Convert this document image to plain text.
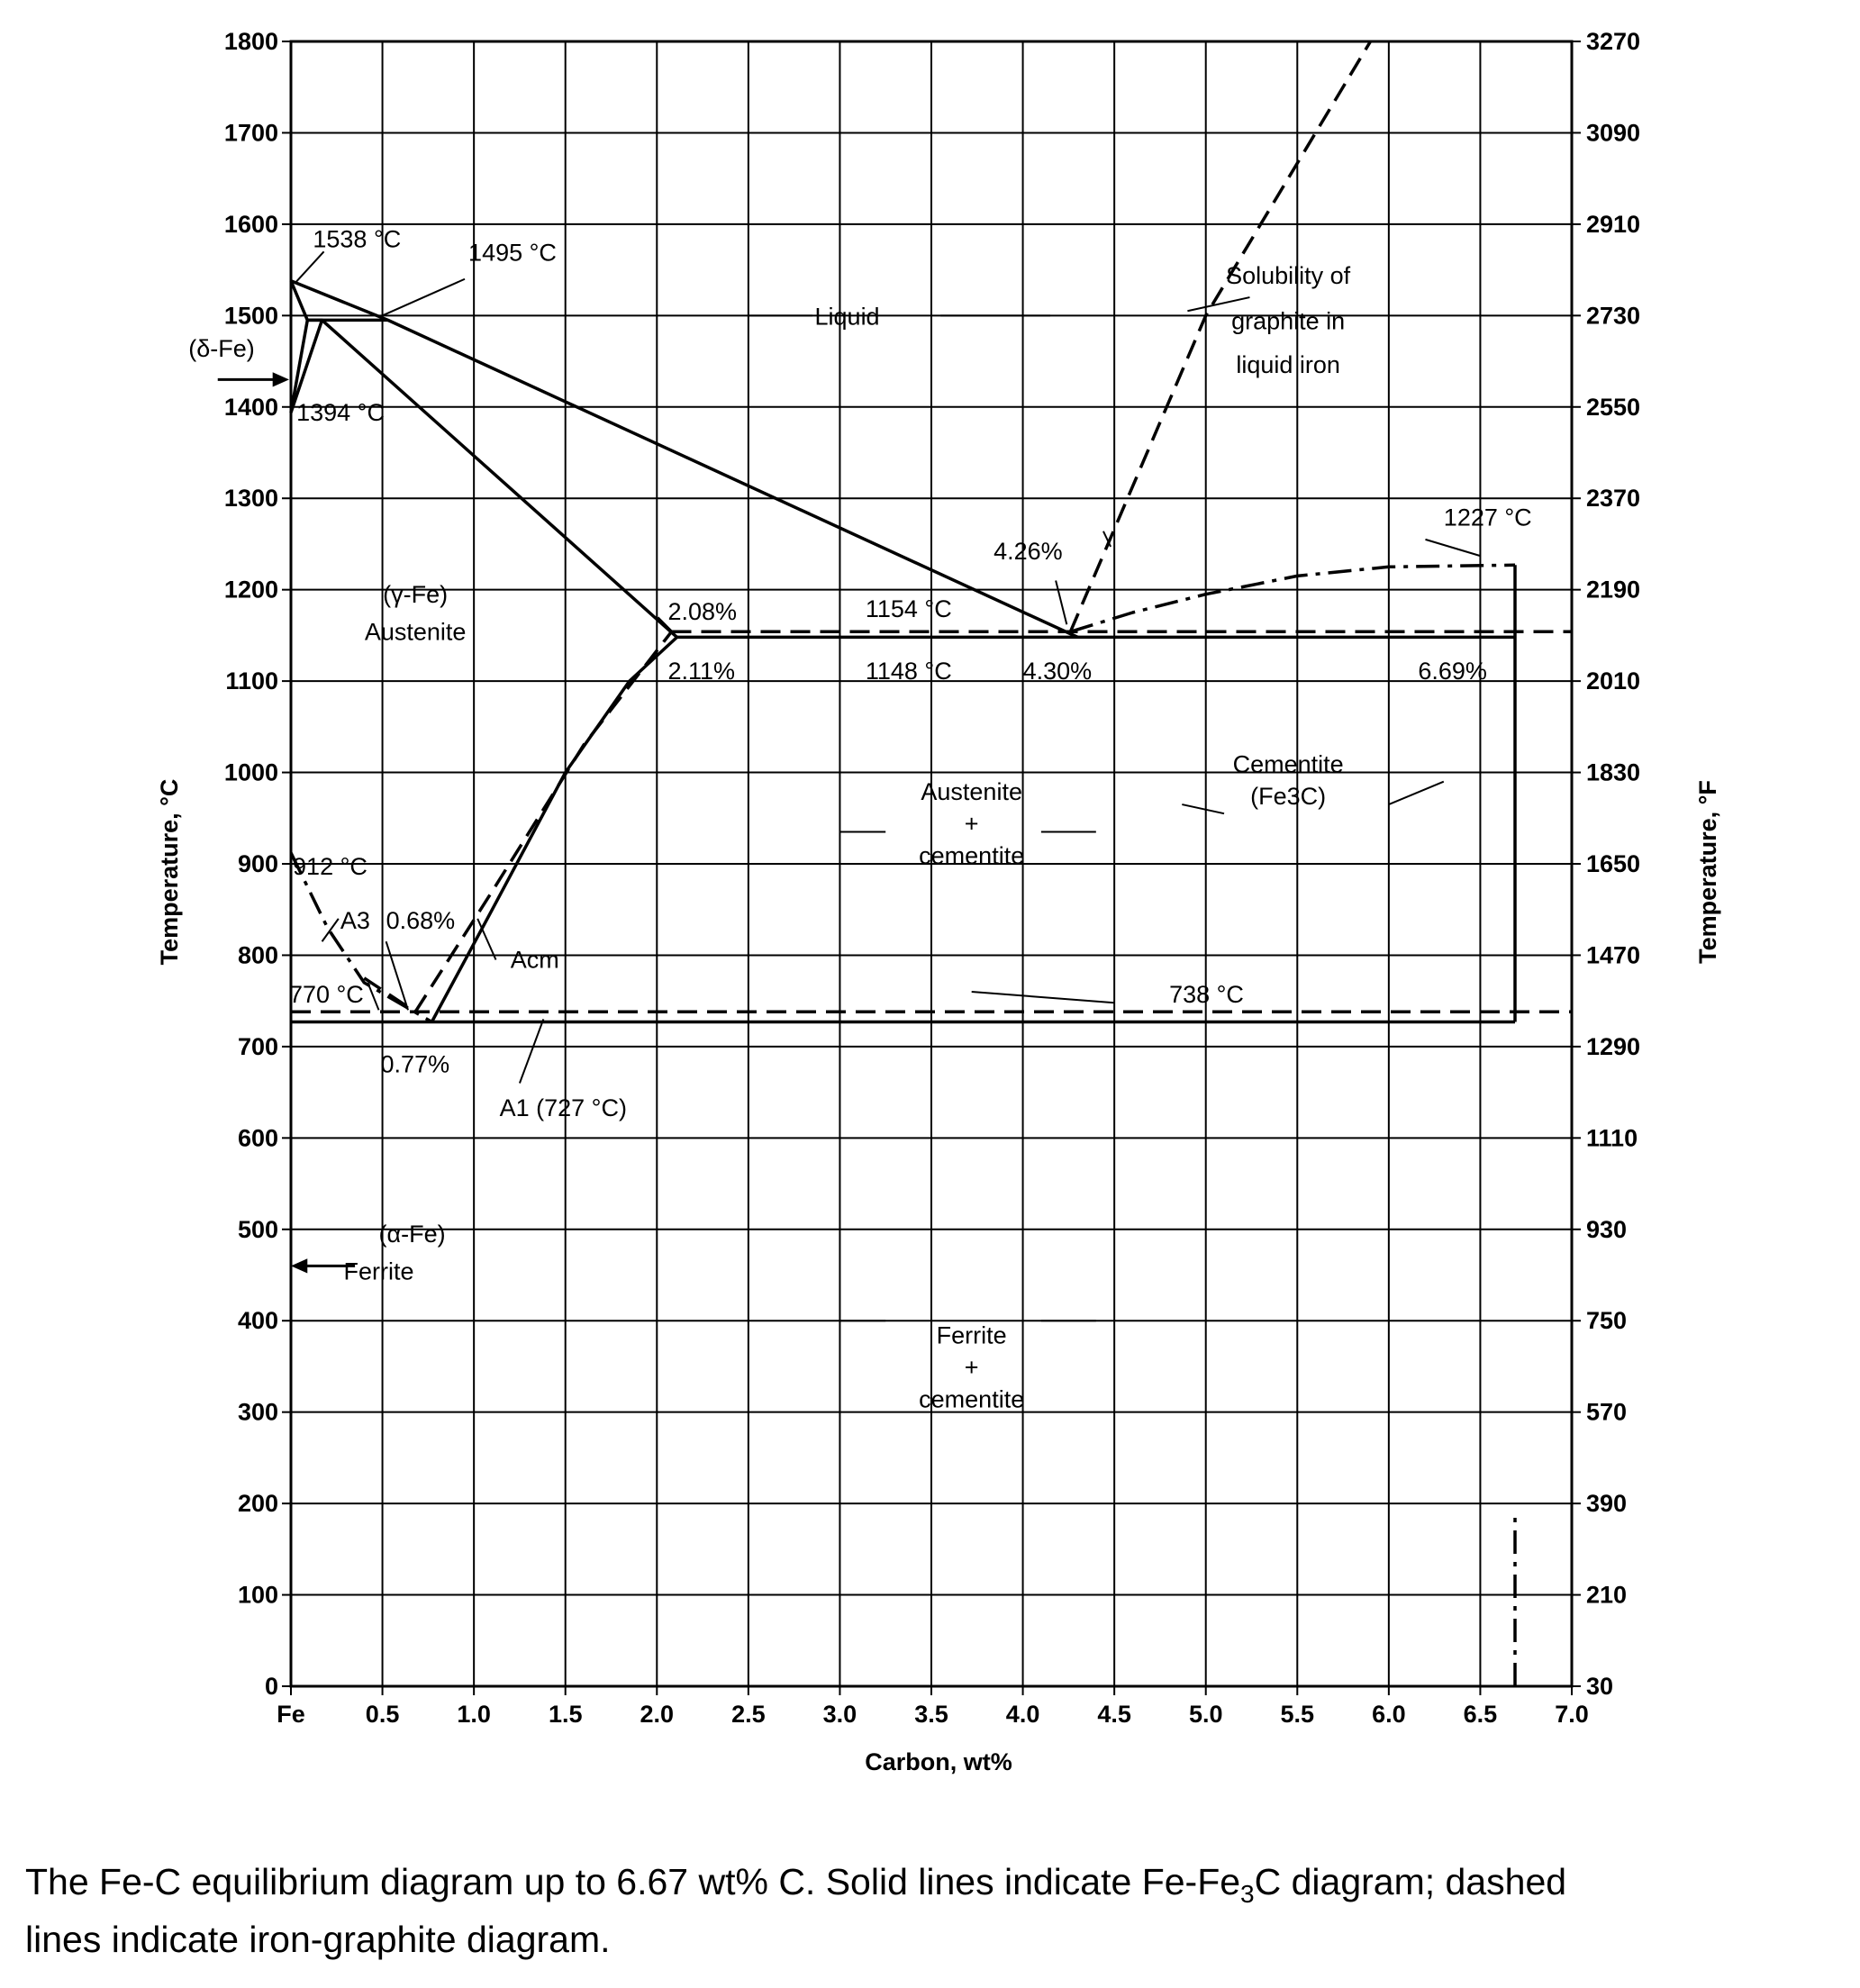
Fe 0.5 1.0 1.5 2.0 2.5 3.0 3.5 4.0 4.5 5.0 5.5 6.0 6.5 7.0
0
100
200
300
400
500
600
700
800
900
1000
1100
1200
1300
1400
1500
1600
1700
1800
30
210
390
570
750
930
1110
1290
1470
1650
1830
2010
2190
2370
2550
2730
2910
3090
3270
1538 °C
1495 °C
(δ-Fe)
1394 °C
Liquid
Solubility of
graphite in
liquid iron
1227 °C
4.26%
(γ-Fe)
Austenite
2.08%	1154 °C
2.11%	1148 °C	4.30%	6.69%
Cementite
(Fe3C)
Austenite
+
cementite
912 °C
A3 0.68%
Acm
770 °C	738 °C
0.77%
A1 (727 °C)
(α-Fe)
Ferrite
Ferrite
+
cementite
Carbon, wt%
Temperature, °C	Temperature, °F

The Fe-C equilibrium diagram up to 6.67 wt% C. Solid lines indicate $Fe-Fe_3C$ diagram; dashed
lines indicate iron-graphite diagram.
